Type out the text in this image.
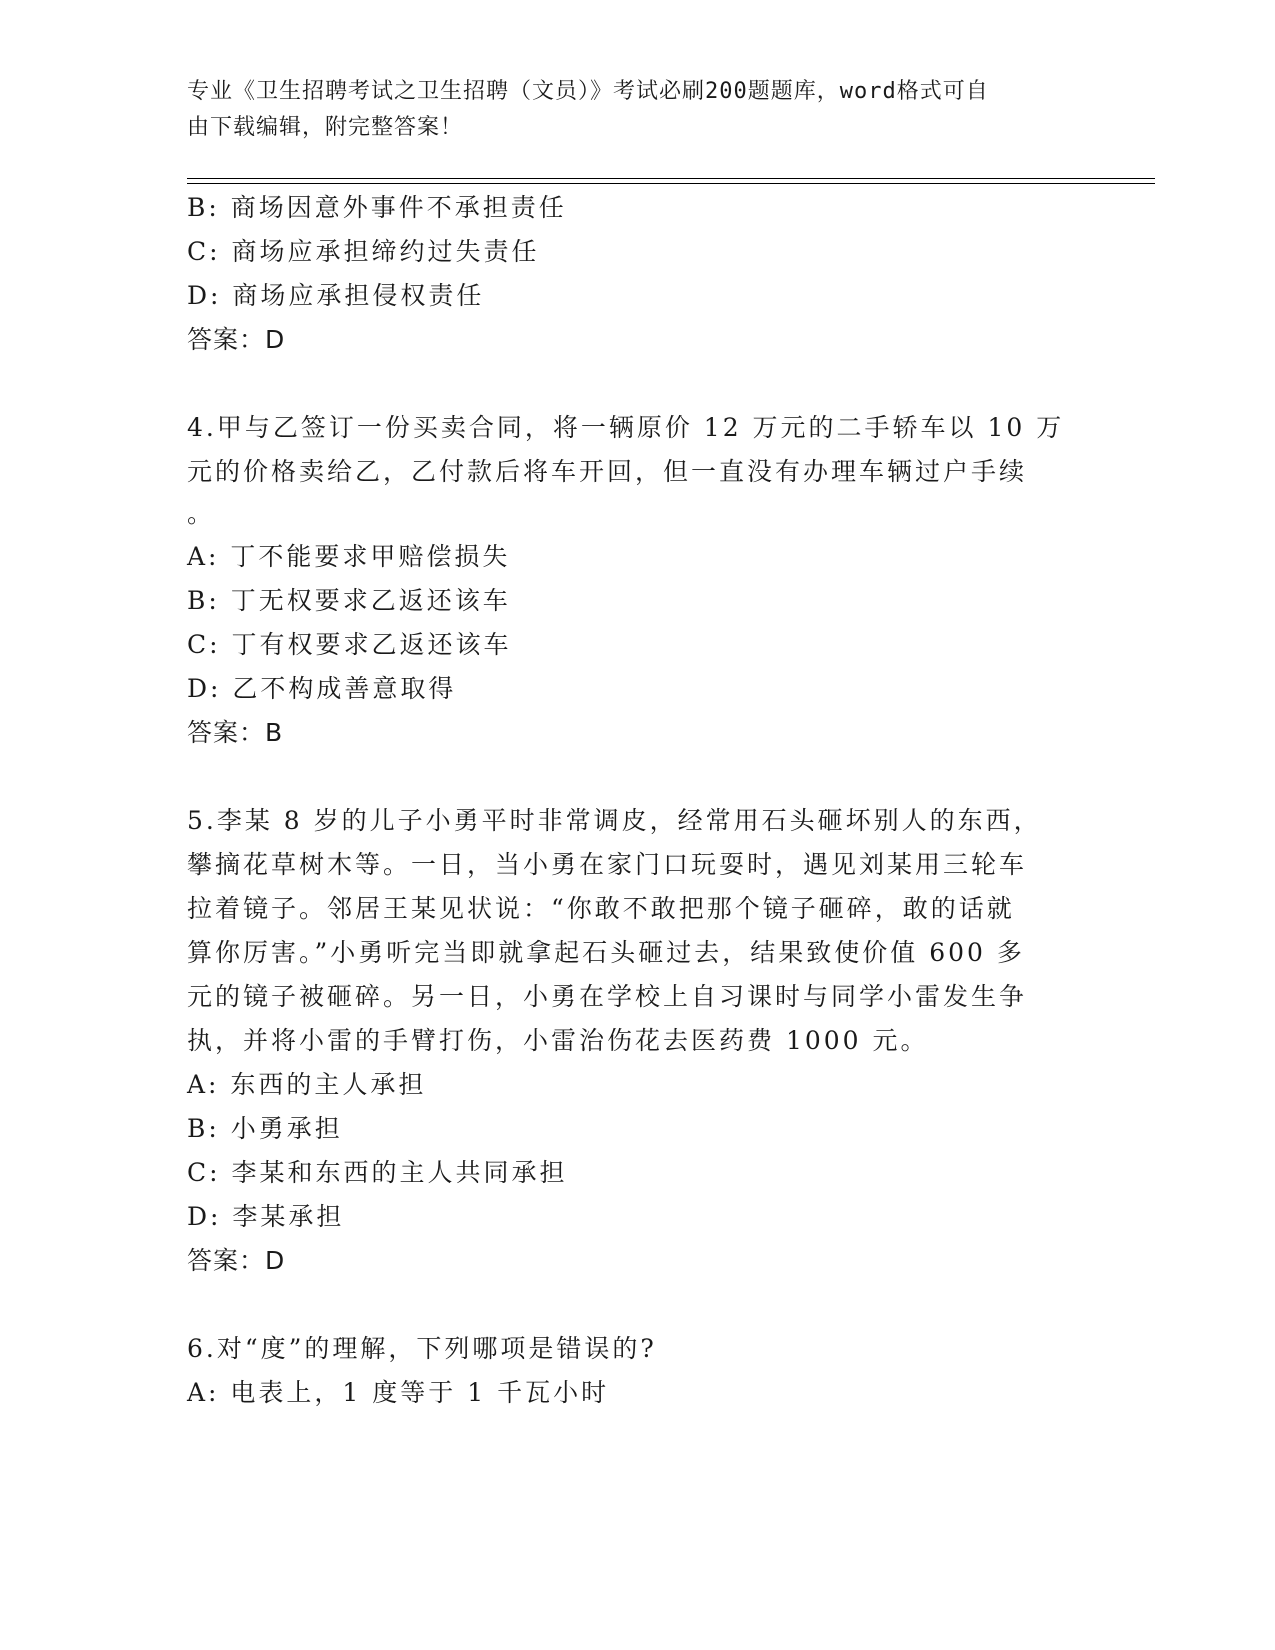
专业《卫生招聘考试之卫生招聘（文员）》考试必刷200题题库，word格式可自
由下载编辑，附完整答案！
B: 商场因意外事件不承担责任
C: 商场应承担缔约过失责任
D: 商场应承担侵权责任
答案：D
4.甲与乙签订一份买卖合同，将一辆原价 12 万元的二手轿车以 10 万
元的价格卖给乙，乙付款后将车开回，但一直没有办理车辆过户手续
。
A: 丁不能要求甲赔偿损失
B: 丁无权要求乙返还该车
C: 丁有权要求乙返还该车
D: 乙不构成善意取得
答案：B
5.李某 8 岁的儿子小勇平时非常调皮，经常用石头砸坏别人的东西，
攀摘花草树木等。一日，当小勇在家门口玩耍时，遇见刘某用三轮车
拉着镜子。邻居王某见状说：“你敢不敢把那个镜子砸碎，敢的话就
算你厉害。”小勇听完当即就拿起石头砸过去，结果致使价值 600 多
元的镜子被砸碎。另一日，小勇在学校上自习课时与同学小雷发生争
执，并将小雷的手臂打伤，小雷治伤花去医药费 1000 元。
A: 东西的主人承担
B: 小勇承担
C: 李某和东西的主人共同承担
D: 李某承担
答案：D
6.对“度”的理解，下列哪项是错误的?
A: 电表上，1 度等于 1 千瓦小时
